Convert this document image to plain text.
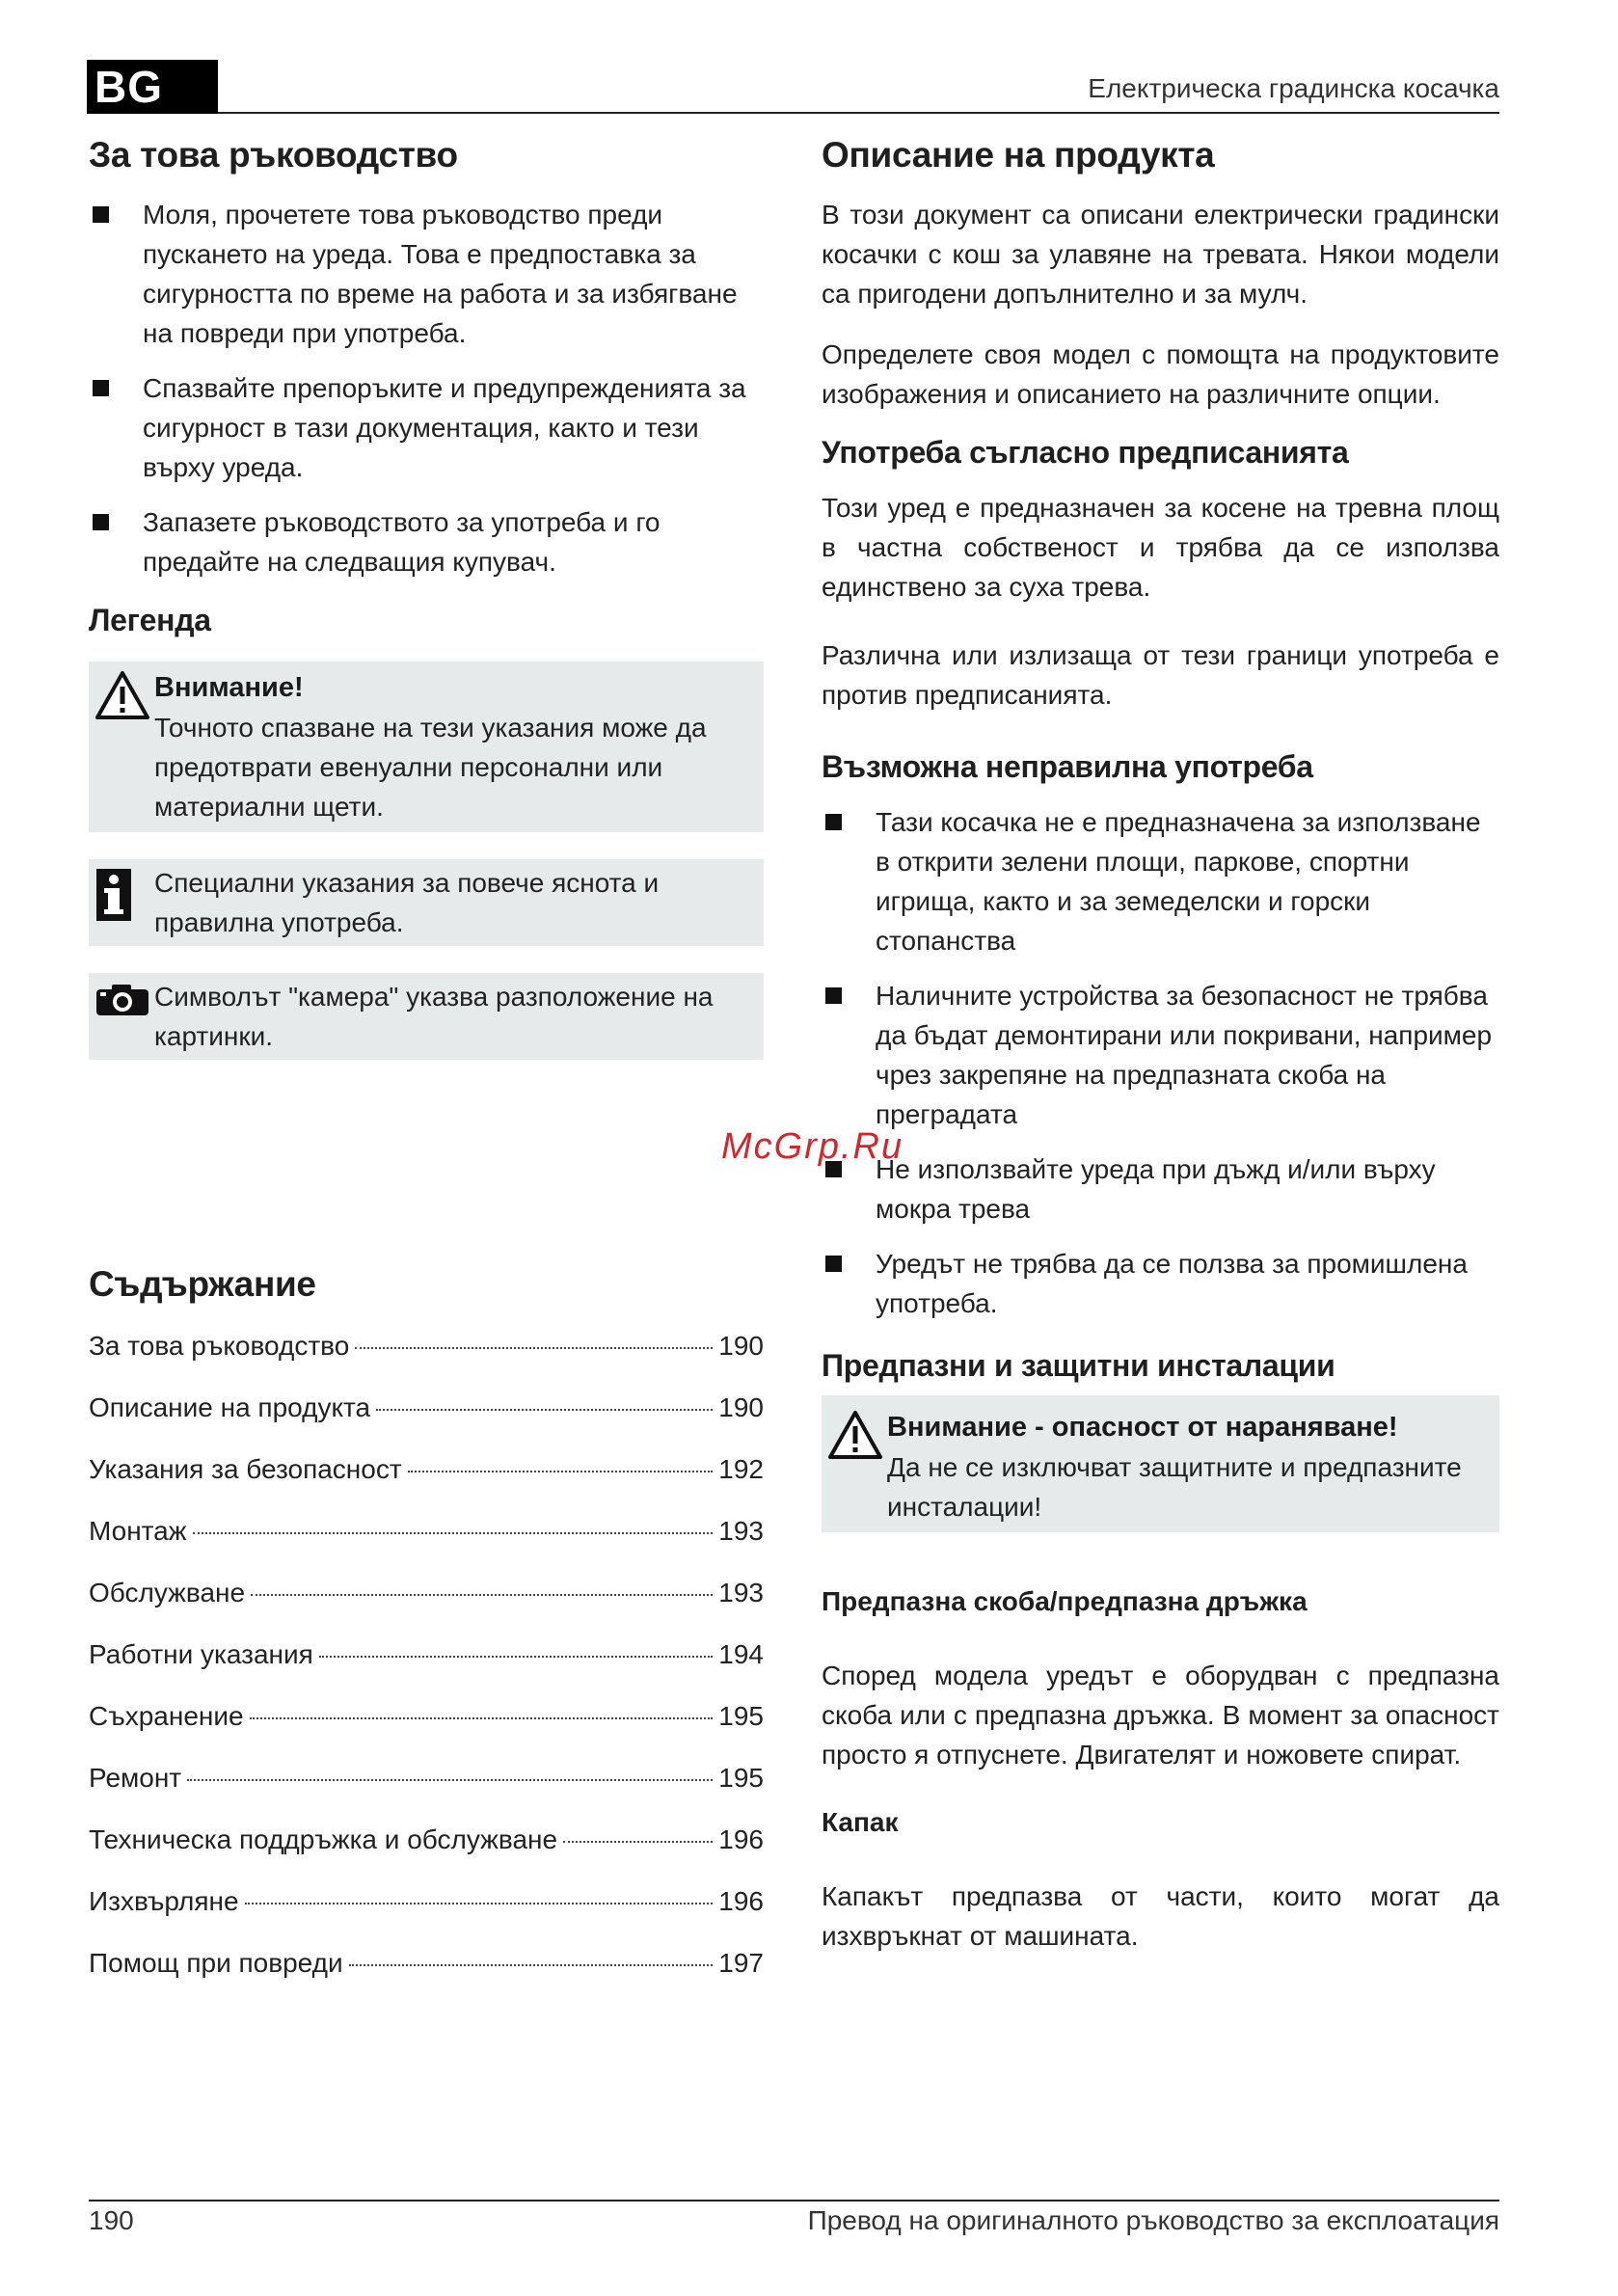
BG	Електрическа градинска косачка
За това ръководство
Моля, прочетете това ръководство преди пускането на уреда. Това е предпоставка за сигурността по време на работа и за избягване на повреди при употреба.
Спазвайте препоръките и предупрежденията за сигурност в тази документация, както и тези върху уреда.
Запазете ръководството за употреба и го предайте на следващия купувач.
Легенда
Внимание!
Точното спазване на тези указания може да предотврати евенуални персонални или материални щети.
Специални указания за повече яснота и правилна употреба.
Символът "камера" указва разположение на картинки.
Съдържание
За това ръководство	190
Описание на продукта	190
Указания за безопасност	192
Монтаж	193
Обслужване	193
Работни указания	194
Съхранение	195
Ремонт	195
Техническа поддръжка и обслужване	196
Изхвърляне	196
Помощ при повреди	197
Описание на продукта

В този документ са описани електрически градински косачки с кош за улавяне на тревата. Някои модели са пригодени допълнително и за мулч.

Определете своя модел с помощта на продуктовите изображения и описанието на различните опции.

Употреба съгласно предписанията

Този уред е предназначен за косене на тревна площ в частна собственост и трябва да се използва единствено за суха трева.

Различна или излизаща от тези граници употреба е против предписанията.

Възможна неправилна употреба
Тази косачка не е предназначена за използване в открити зелени площи, паркове, спортни игрища, както и за земеделски и горски стопанства
Наличните устройства за безопасност не трябва да бъдат демонтирани или покривани, например чрез закрепяне на предпазната скоба на преградата
Не използвайте уреда при дъжд и/или върху мокра трева
Уредът не трябва да се ползва за промишлена употреба.
Предпазни и защитни инсталации
Внимание - опасност от нараняване!
Да не се изключват защитните и предпазните инсталации!
Предпазна скоба/предпазна дръжка

Според модела уредът е оборудван с предпазна скоба или с предпазна дръжка. В момент за опасност просто я отпуснете. Двигателят и ножовете спират.

Капак

Капакът предпазва от части, които могат да изхвръкнат от машината.

McGrp.Ru
190	Превод на оригиналното ръководство за експлоатация
